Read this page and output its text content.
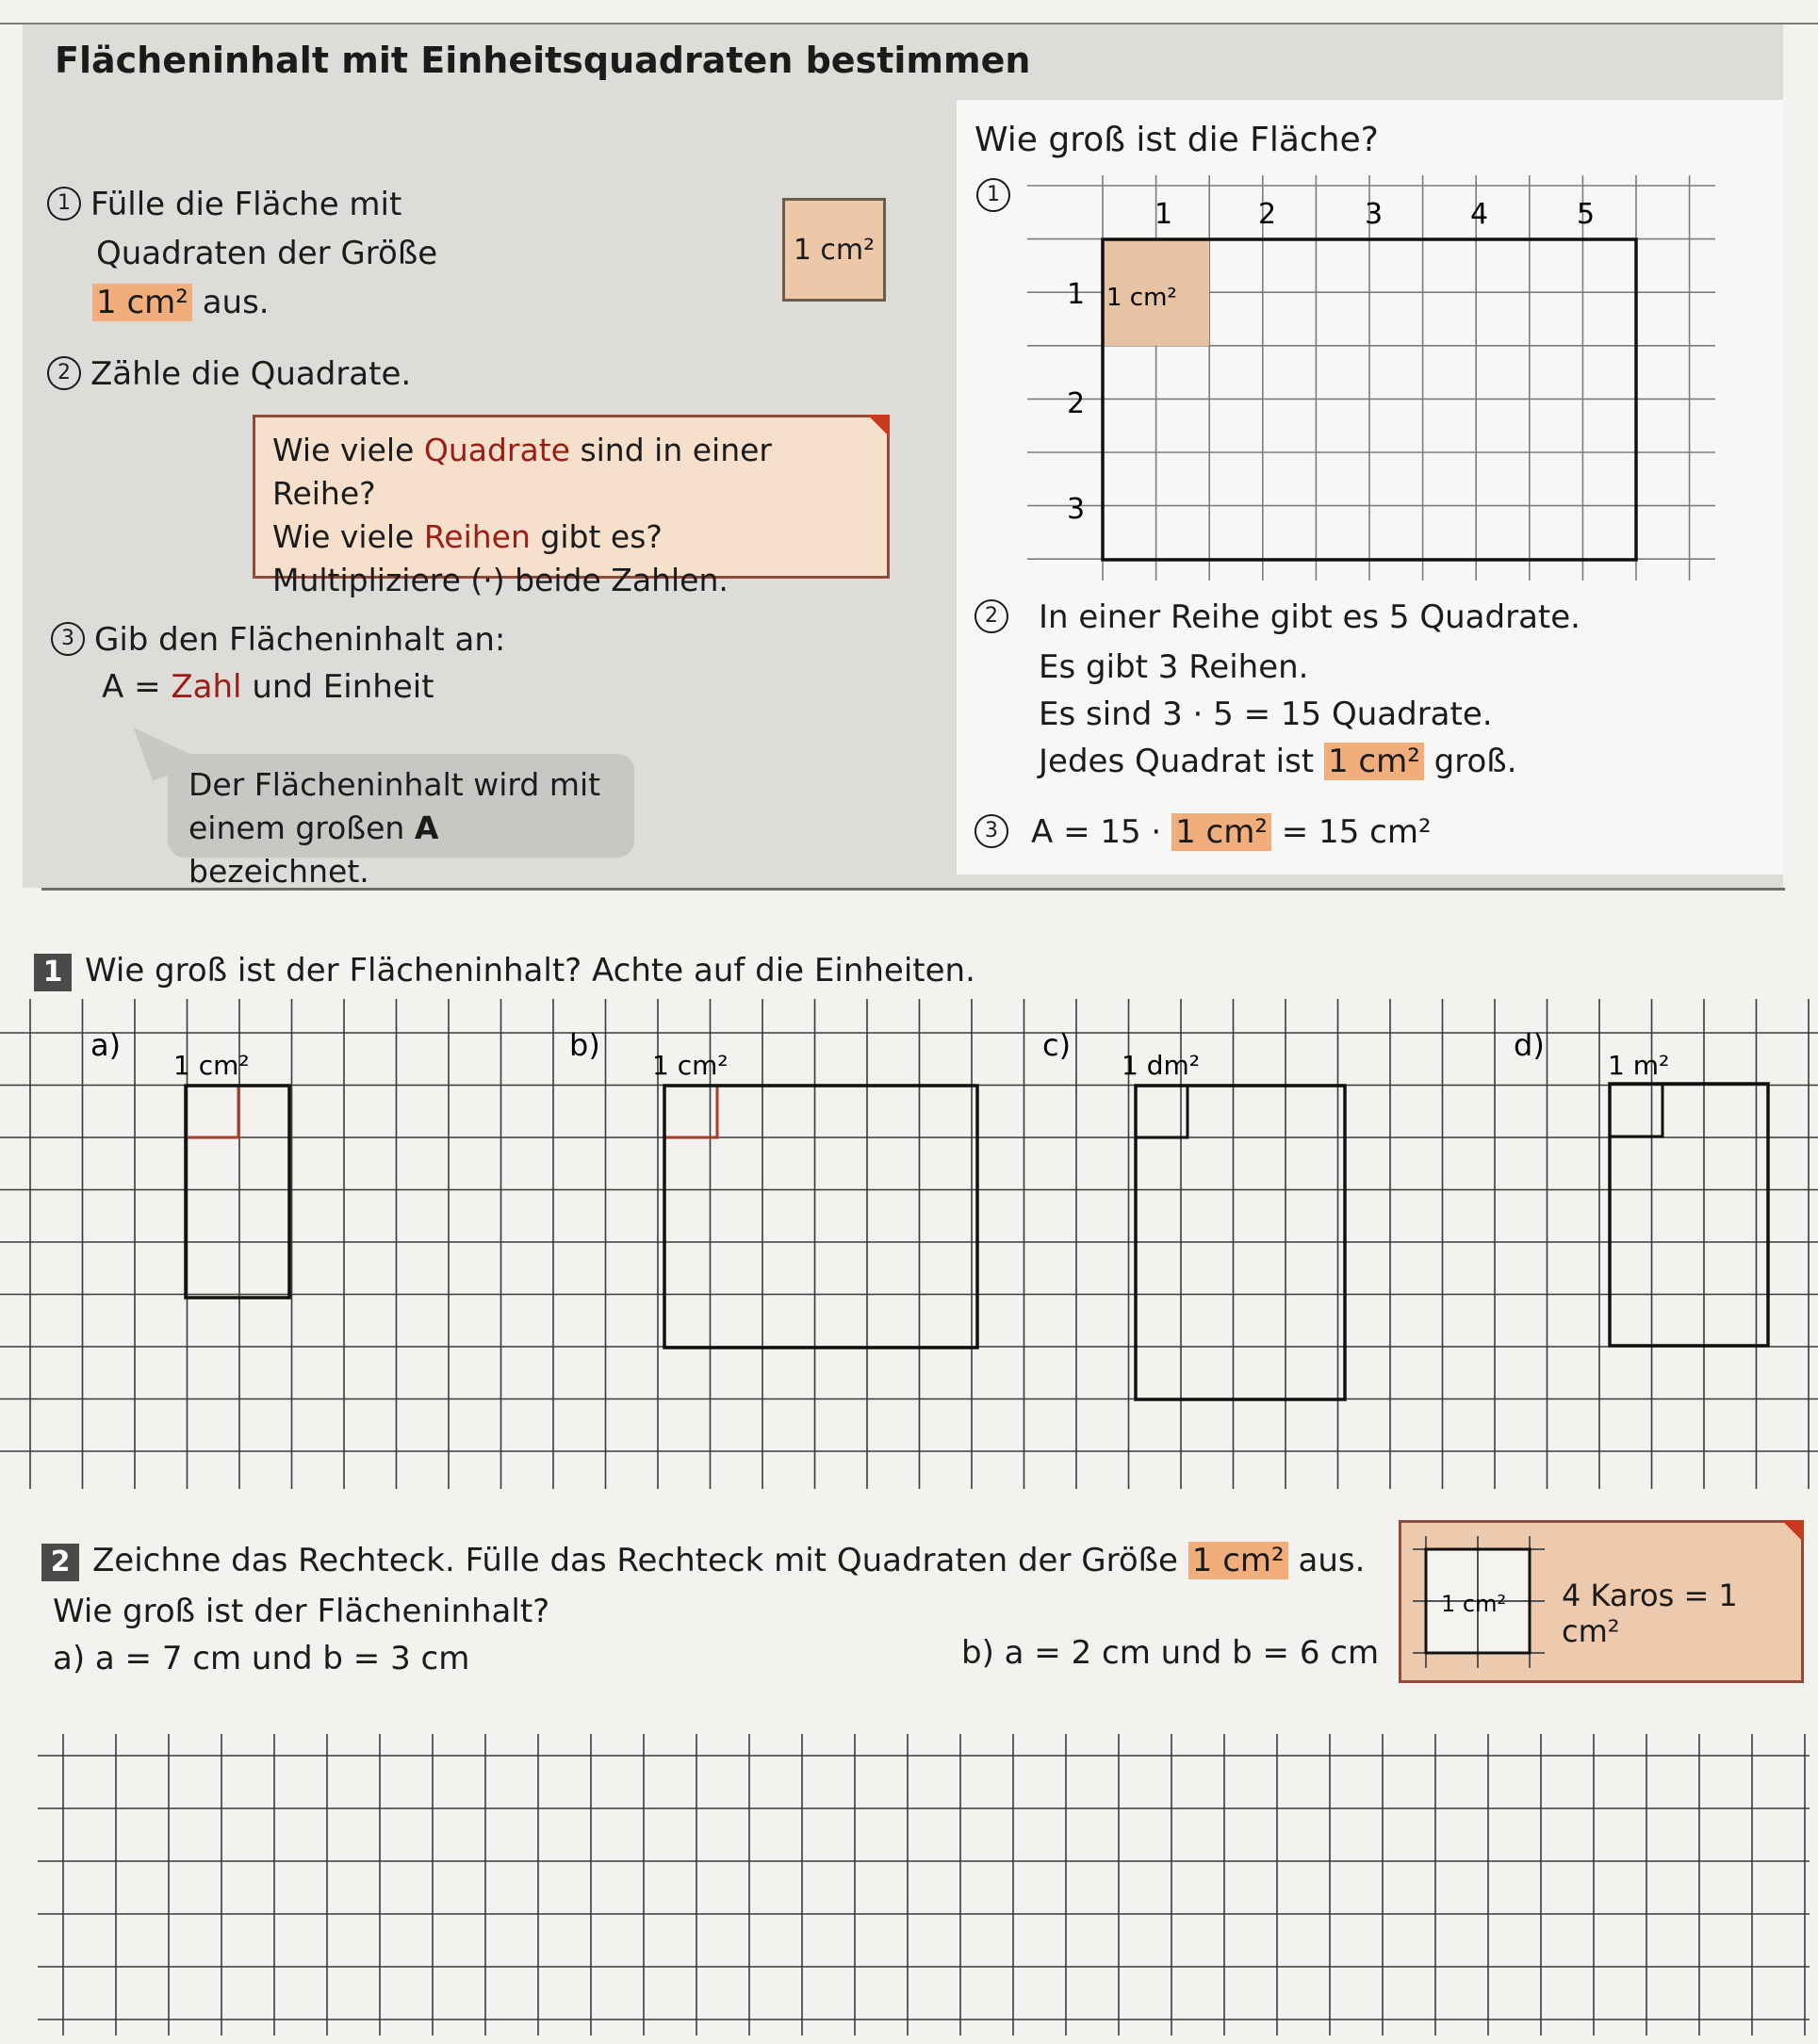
Flächeninhalt mit Einheitsquadraten bestimmen
1 Fülle die Fläche mit
Quadraten der Größe
1 cm² aus.
1 cm²
2 Zähle die Quadrate.
Wie viele Quadrate sind in einer Reihe?
Wie viele Reihen gibt es?
Multipliziere (·) beide Zahlen.
3 Gib den Flächeninhalt an:
A = Zahl und Einheit
Der Flächeninhalt wird mit
einem großen A bezeichnet.
Wie groß ist die Fläche?
1
1 cm²
1	2	3	4	5
1
2
3
2	In einer Reihe gibt es 5 Quadrate.
Es gibt 3 Reihen.
Es sind 3 · 5 = 15 Quadrate.
Jedes Quadrat ist 1 cm² groß.
3 A = 15 · 1 cm² = 15 cm²
1 Wie groß ist der Flächeninhalt? Achte auf die Einheiten.
a)
1 cm²
b)
1 cm²
c)
1 dm²
d)
1 m²
2 Zeichne das Rechteck. Fülle das Rechteck mit Quadraten der Größe 1 cm² aus.
Wie groß ist der Flächeninhalt?
a) a = 7 cm und b = 3 cm	b) a = 2 cm und b = 6 cm
1 cm² 4 Karos = 1 cm²
